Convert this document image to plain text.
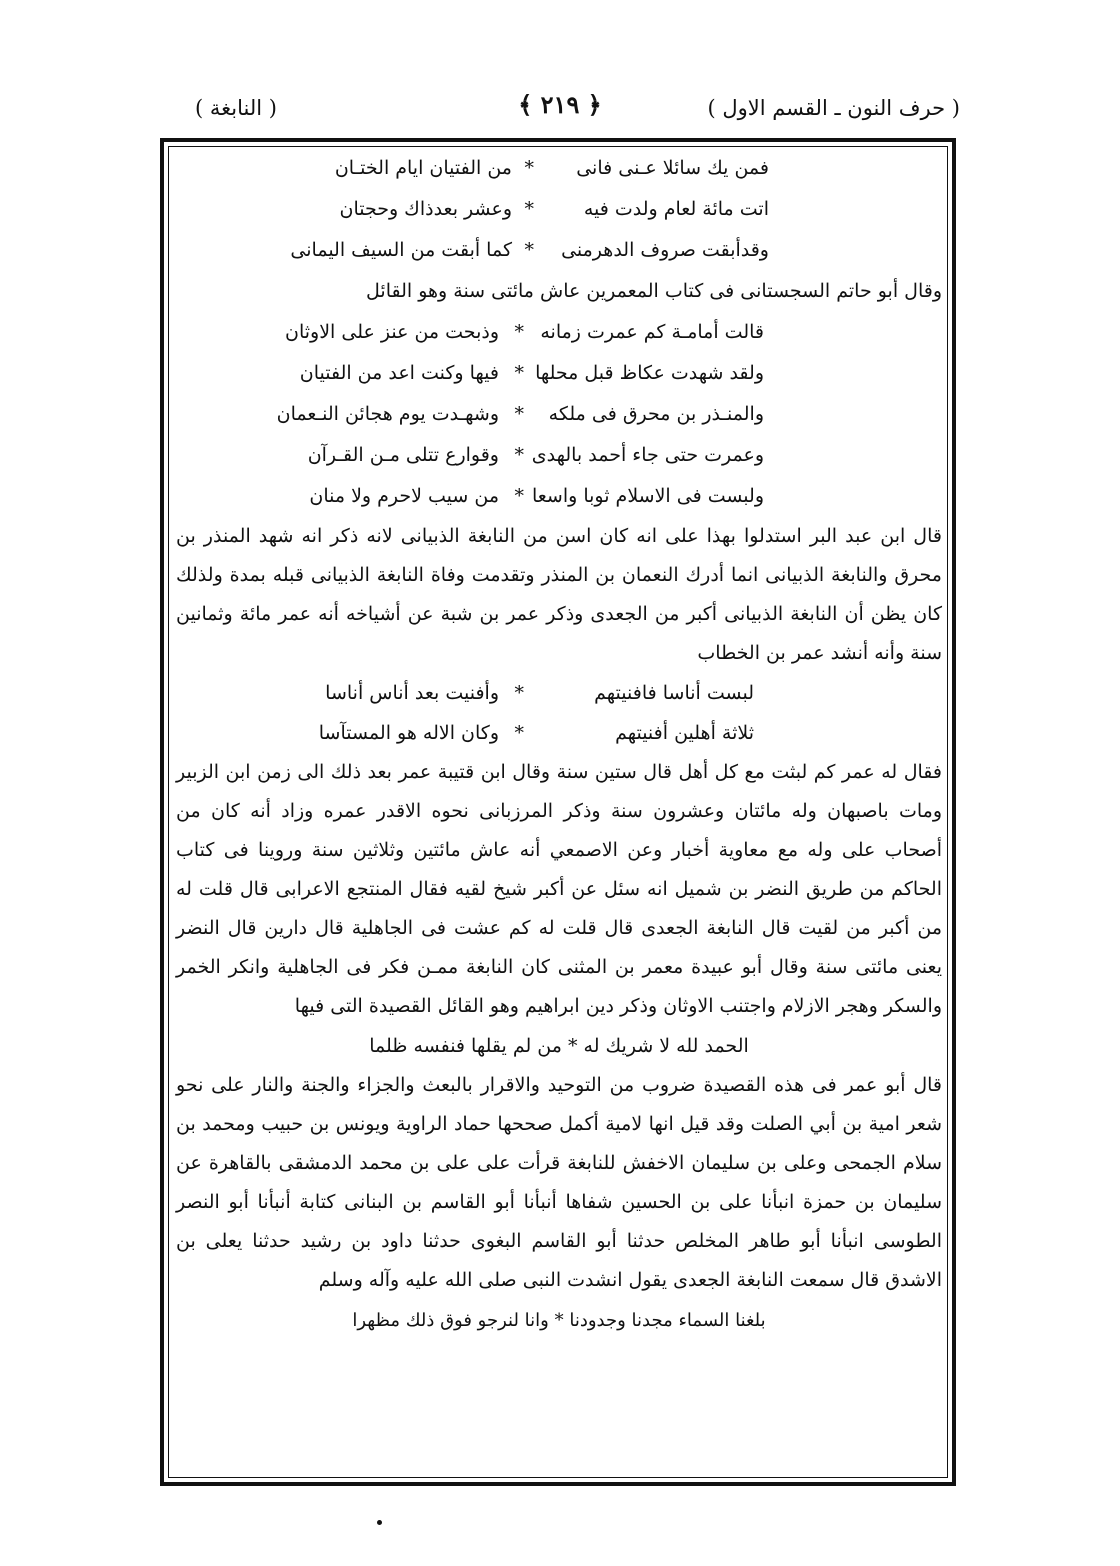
( حرف النون ـ القسم الاول )
﴿ ٢١٩ ﴾
( النابغة )
فمن يك سائلا عـنى فانى
*
من الفتيان ايام الختـان
اتت مائة لعام ولدت فيه
*
وعشر بعدذاك وحجتان
وقدأبقت صروف الدهرمنى
*
كما أبقت من السيف اليمانى

وقال أبو حاتم السجستانى فى كتاب المعمرين عاش مائتى سنة وهو القائل

قالت أمامـة كم عمرت زمانه
*
وذبحت من عنز على الاوثان
ولقد شهدت عكاظ قبل محلها
*
فيها وكنت اعد من الفتيان
والمنـذر بن محرق فى ملكه
*
وشهـدت يوم هجائن النـعمان
وعمرت حتى جاء أحمد بالهدى
*
وقوارع تتلى مـن القـرآن
ولبست فى الاسلام ثوبا واسعا
*
من سيب لاحرم ولا منان

قال ابن عبد البر استدلوا بهذا على انه كان اسن من النابغة الذبيانى لانه ذكر انه شهد المنذر بن محرق والنابغة الذبيانى انما أدرك النعمان بن المنذر وتقدمت وفاة النابغة الذبيانى قبله بمدة ولذلك كان يظن أن النابغة الذبيانى أكبر من الجعدى وذكر عمر بن شبة عن أشياخه أنه عمر مائة وثمانين سنة وأنه أنشد عمر بن الخطاب

لبست أناسا فافنيتهم
*
وأفنيت بعد أناس أناسا
ثلاثة أهلين أفنيتهم
*
وكان الاله هو المستآسا

فقال له عمر كم لبثت مع كل أهل قال ستين سنة وقال ابن قتيبة عمر بعد ذلك الى زمن ابن الزبير ومات باصبهان وله مائتان وعشرون سنة وذكر المرزبانى نحوه الاقدر عمره وزاد أنه كان من أصحاب على وله مع معاوية أخبار وعن الاصمعي أنه عاش مائتين وثلاثين سنة وروينا فى كتاب الحاكم من طريق النضر بن شميل انه سئل عن أكبر شيخ لقيه فقال المنتجع الاعرابى قال قلت له من أكبر من لقيت قال النابغة الجعدى قال قلت له كم عشت فى الجاهلية قال دارين قال النضر يعنى مائتى سنة وقال أبو عبيدة معمر بن المثنى كان النابغة ممـن فكر فى الجاهلية وانكر الخمر والسكر وهجر الازلام واجتنب الاوثان وذكر دين ابراهيم وهو القائل القصيدة التى فيها

الحمد لله لا شريك له * من لم يقلها فنفسه ظلما

قال أبو عمر فى هذه القصيدة ضروب من التوحيد والاقرار بالبعث والجزاء والجنة والنار على نحو شعر امية بن أبي الصلت وقد قيل انها لامية أكمل صححها حماد الراوية ويونس بن حبيب ومحمد بن سلام الجمحى وعلى بن سليمان الاخفش للنابغة قرأت على على بن محمد الدمشقى بالقاهرة عن سليمان بن حمزة انبأنا على بن الحسين شفاها أنبأنا أبو القاسم بن البنانى كتابة أنبأنا أبو النصر الطوسى انبأنا أبو طاهر المخلص حدثنا أبو القاسم البغوى حدثنا داود بن رشيد حدثنا يعلى بن الاشدق قال سمعت النابغة الجعدى يقول انشدت النبى صلى الله عليه وآله وسلم

بلغنا السماء مجدنا وجدودنا * وانا لنرجو فوق ذلك مظهرا
